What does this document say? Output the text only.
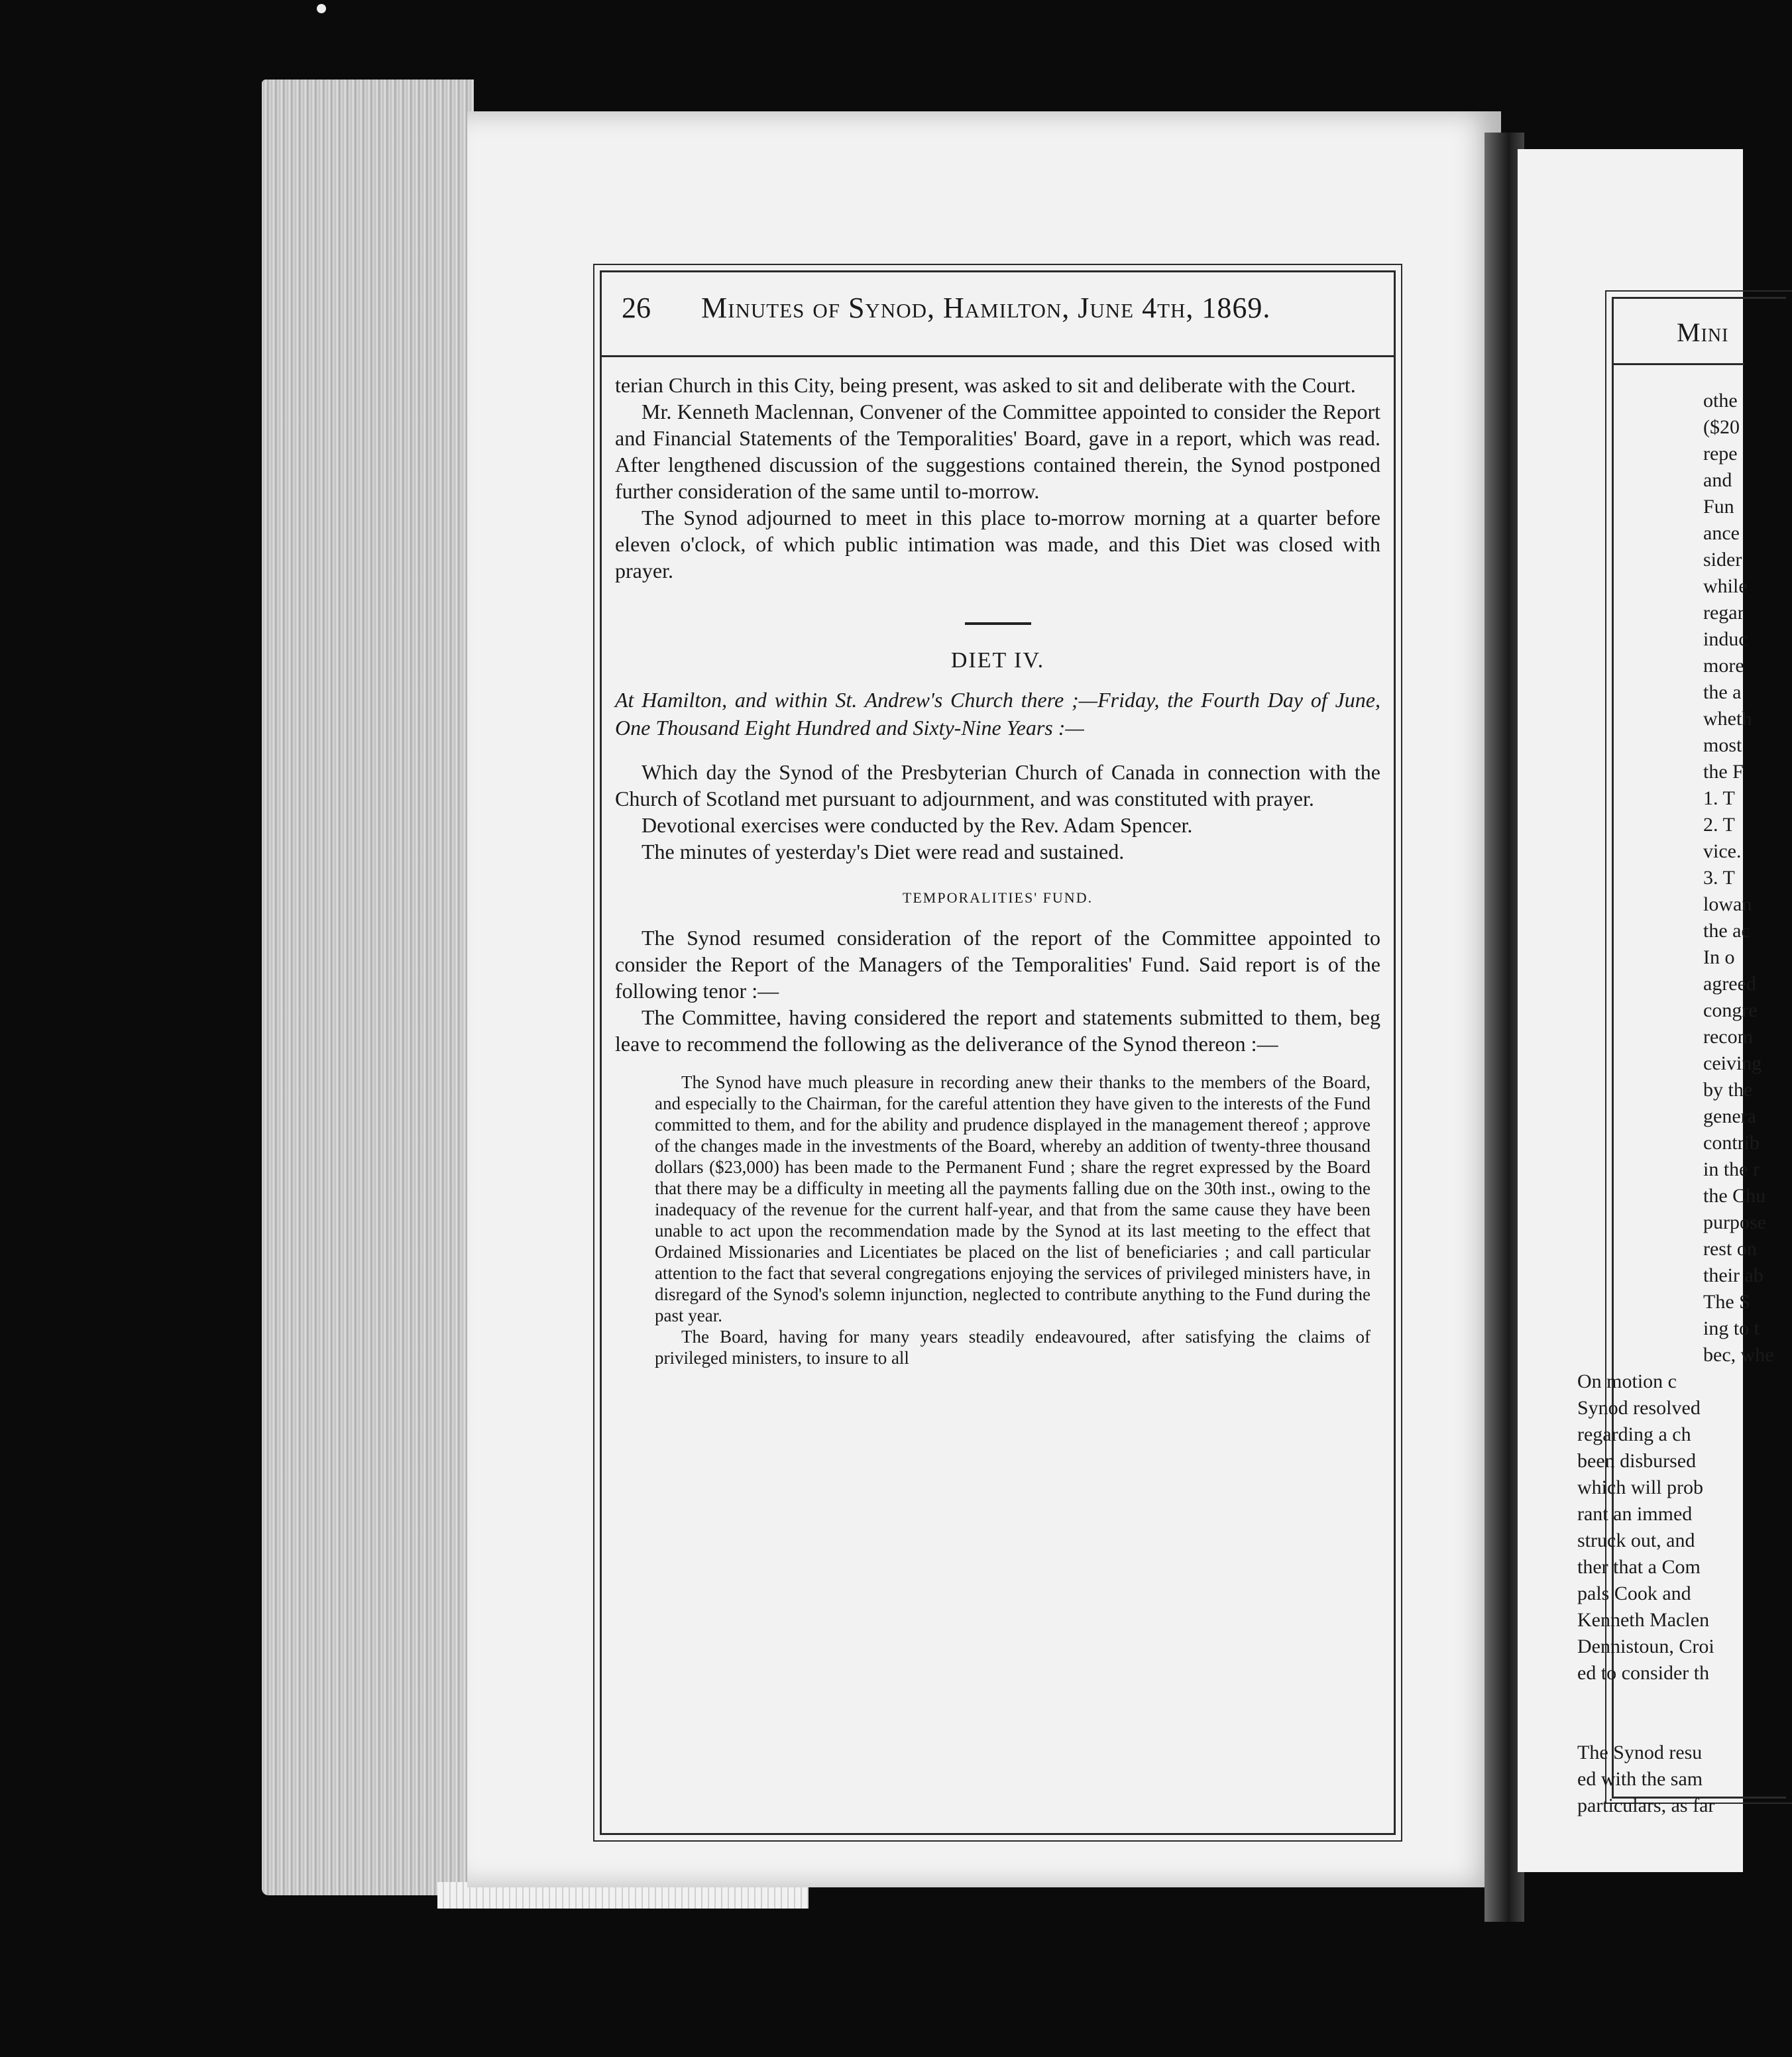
26 Minutes of Synod, Hamilton, June 4th, 1869.

terian Church in this City, being present, was asked to sit and deliberate with the Court.

Mr. Kenneth Maclennan, Convener of the Committee appointed to consider the Report and Financial Statements of the Temporalities' Board, gave in a report, which was read. After lengthened discussion of the suggestions contained therein, the Synod postponed further consideration of the same until to-morrow.

The Synod adjourned to meet in this place to-morrow morning at a quarter before eleven o'clock, of which public intimation was made, and this Diet was closed with prayer.

DIET IV.

At Hamilton, and within St. Andrew's Church there ;—Friday, the Fourth Day of June, One Thousand Eight Hundred and Sixty-Nine Years :—

Which day the Synod of the Presbyterian Church of Canada in connection with the Church of Scotland met pursuant to adjournment, and was constituted with prayer.

Devotional exercises were conducted by the Rev. Adam Spencer.

The minutes of yesterday's Diet were read and sustained.

TEMPORALITIES' FUND.

The Synod resumed consideration of the report of the Committee appointed to consider the Report of the Managers of the Temporalities' Fund. Said report is of the following tenor :—

The Committee, having considered the report and statements submitted to them, beg leave to recommend the following as the deliverance of the Synod thereon :—

The Synod have much pleasure in recording anew their thanks to the members of the Board, and especially to the Chairman, for the careful attention they have given to the interests of the Fund committed to them, and for the ability and prudence displayed in the management thereof ; approve of the changes made in the investments of the Board, whereby an addition of twenty-three thousand dollars ($23,000) has been made to the Permanent Fund ; share the regret expressed by the Board that there may be a difficulty in meeting all the payments falling due on the 30th inst., owing to the inadequacy of the revenue for the current half-year, and that from the same cause they have been unable to act upon the recommendation made by the Synod at its last meeting to the effect that Ordained Missionaries and Licentiates be placed on the list of beneficiaries ; and call particular attention to the fact that several congregations enjoying the services of privileged ministers have, in disregard of the Synod's solemn injunction, neglected to contribute anything to the Fund during the past year.

The Board, having for many years steadily endeavoured, after satisfying the claims of privileged ministers, to insure to all

Mini
othe
($20
repe
and
Fun
ance
sider
while
regar
induc
more
the a
wheth
most
the F
1. T
2. T
vice.
3. T
lowan
the ac
In o
agreed
congre
recom
ceiving
by the
genera
contrib
in the r
the Chu
purpose
rest on
their ab
The S
ing to t
bec, whe
On motion c
Synod resolved
regarding a ch
been disbursed
which will prob
rant an immed
struck out, and
ther that a Com
pals Cook and
Kenneth Maclen
Dennistoun, Croi
ed to consider th
The Synod resu
ed with the sam
particulars, as far
